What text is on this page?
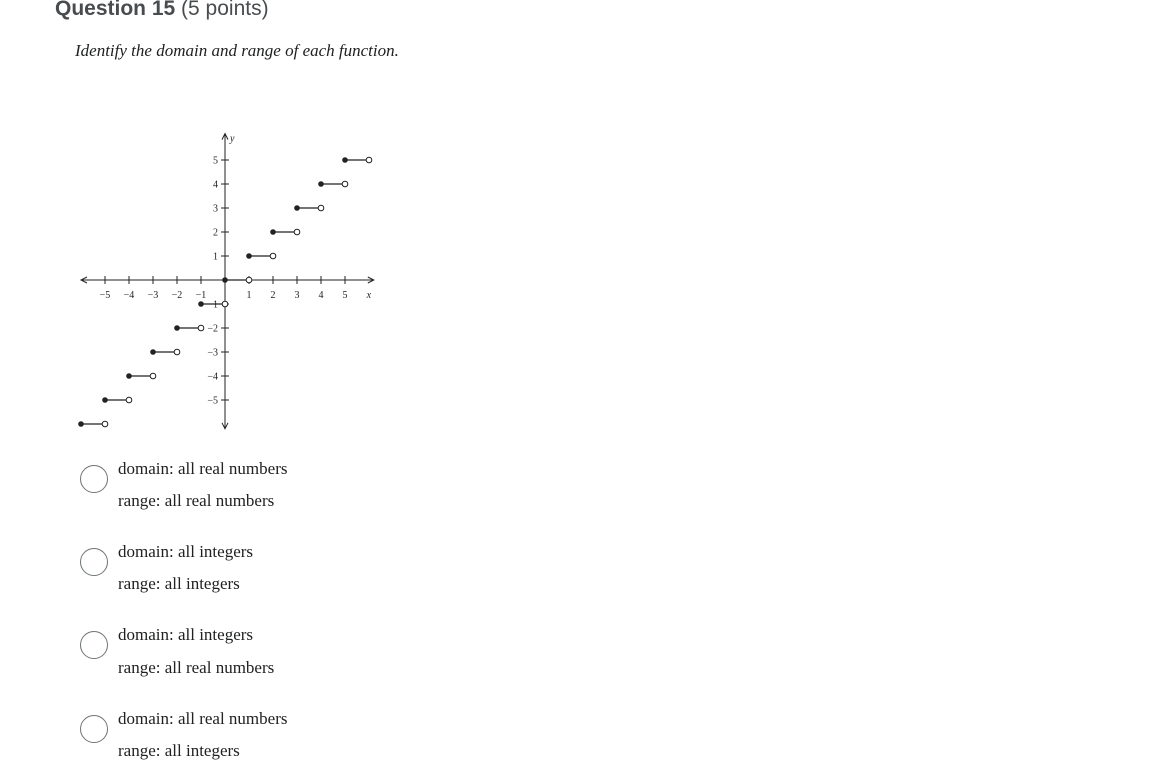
Question 15 (5 points)
Identify the domain and range of each function.
−5 −4 −3 −2 −1	1 2 3 4 5
5
4
3
2
1
−1
−2
−3
−4
−5
y
x
domain: all real numbers
range: all real numbers
domain: all integers
range: all integers
domain: all integers
range: all real numbers
domain: all real numbers
range: all integers
